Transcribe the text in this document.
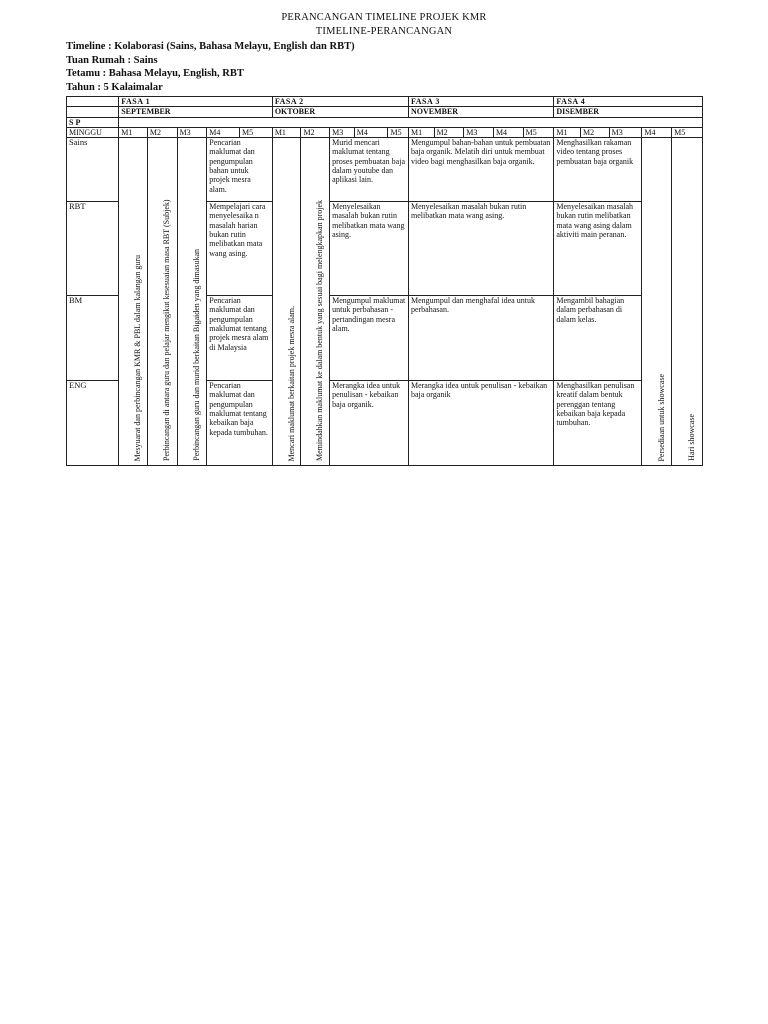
PERANCANGAN TIMELINE PROJEK KMR
TIMELINE-PERANCANGAN
Timeline : Kolaborasi (Sains, Bahasa Melayu, English dan RBT)
Tuan Rumah : Sains
Tetamu : Bahasa Melayu, English, RBT
Tahun : 5 Kalaimalar
	FASA 1					FASA 2					FASA 3					FASA 4				
	SEPTEMBER					OKTOBER					NOVEMBER					DISEMBER				
S P																				
MINGGU	M1	M2	M3	M4	M5	M1	M2	M3	M4	M5	M1	M2	M3	M4	M5	M1	M2	M3	M4	M5
Sains	Mesyuarat dan perbincangan KMR & PBL dalam kalangan guru	Perbincangan di antara guru dan pelajar mengikut kesesuaian masa RBT (Subjek)	Perbincangan guru dan murid berkaitan Bigaiden yang dimasukan	Pencarian maklumat dan pengumpulan bahan untuk projek mesra alam.		Mencari maklumat berkaitan projek mesra alam.	Memindahkan maklumat ke dalam bentuk yang sesuai bagi melengkapkan projek	Murid mencari maklumat tentang proses pembuatan baja dalam youtube dan aplikasi lain.			Mengumpul bahan-bahan untuk pembuatan baja organik. Melatih diri untuk membuat video bagi menghasilkan baja organik.					Menghasilkan rakaman video tentang proses pembuatan baja organik			Persediaan untuk showcase	Hari showcase

RBT				Mempelajari cara menyelesaika n masalah harian bukan rutin melibatkan mata wang asing.				Menyelesaikan masalah bukan rutin melibatkan mata wang asing.			Menyelesaikan masalah bukan rutin melibatkan mata wang asing.					Menyelesaikan masalah bukan rutin melibatkan mata wang asing dalam aktiviti main peranan.				
BM				Pencarian maklumat dan pengumpulan maklumat tentang projek mesra alam di Malaysia				Mengumpul maklumat untuk perbahasan - pertandingan mesra alam.			Mengumpul dan menghafal idea untuk perbahasan.					Mengambil bahagian dalam perbahasan di dalam kelas.				
ENG				Pencarian maklumat dan pengumpulan maklumat tentang kebaikan baja kepada tumbuhan.				Merangka idea untuk penulisan - kebaikan baja organik.			Merangka idea untuk penulisan - kebaikan baja organik					Menghasilkan penulisan kreatif dalam bentuk perenggan tentang kebaikan baja kepada tumbuhan.				
